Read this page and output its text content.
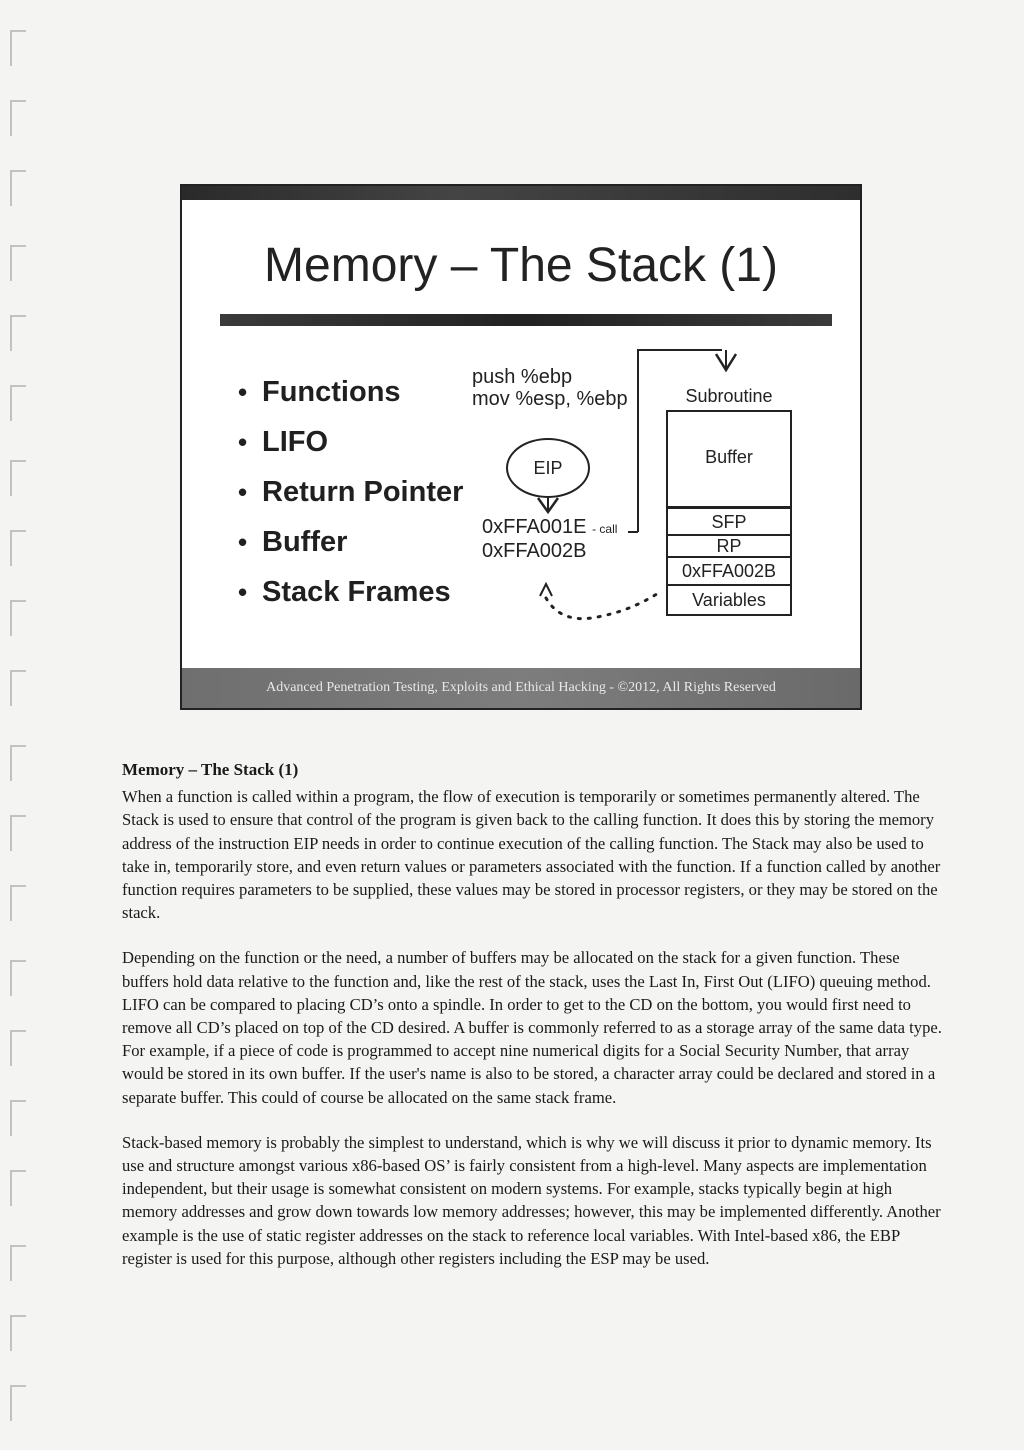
Memory – The Stack (1)
• Functions
• LIFO
• Return Pointer
• Buffer
• Stack Frames
push %ebp
mov %esp, %ebp
EIP
0xFFA001E - call
0xFFA002B
Subroutine
Buffer
SFP
RP
0xFFA002B
Variables
Advanced Penetration Testing, Exploits and Ethical Hacking - ©2012, All Rights Reserved
Memory – The Stack (1)

When a function is called within a program, the flow of execution is temporarily or sometimes permanently altered. The Stack is used to ensure that control of the program is given back to the calling function. It does this by storing the memory address of the instruction EIP needs in order to continue execution of the calling function. The Stack may also be used to take in, temporarily store, and even return values or parameters associated with the function. If a function called by another function requires parameters to be supplied, these values may be stored in processor registers, or they may be stored on the stack.

Depending on the function or the need, a number of buffers may be allocated on the stack for a given function. These buffers hold data relative to the function and, like the rest of the stack, uses the Last In, First Out (LIFO) queuing method. LIFO can be compared to placing CD’s onto a spindle. In order to get to the CD on the bottom, you would first need to remove all CD’s placed on top of the CD desired. A buffer is commonly referred to as a storage array of the same data type. For example, if a piece of code is programmed to accept nine numerical digits for a Social Security Number, that array would be stored in its own buffer. If the user's name is also to be stored, a character array could be declared and stored in a separate buffer. This could of course be allocated on the same stack frame.

Stack-based memory is probably the simplest to understand, which is why we will discuss it prior to dynamic memory. Its use and structure amongst various x86-based OS’ is fairly consistent from a high-level. Many aspects are implementation independent, but their usage is somewhat consistent on modern systems. For example, stacks typically begin at high memory addresses and grow down towards low memory addresses; however, this may be implemented differently. Another example is the use of static register addresses on the stack to reference local variables. With Intel-based x86, the EBP register is used for this purpose, although other registers including the ESP may be used.
